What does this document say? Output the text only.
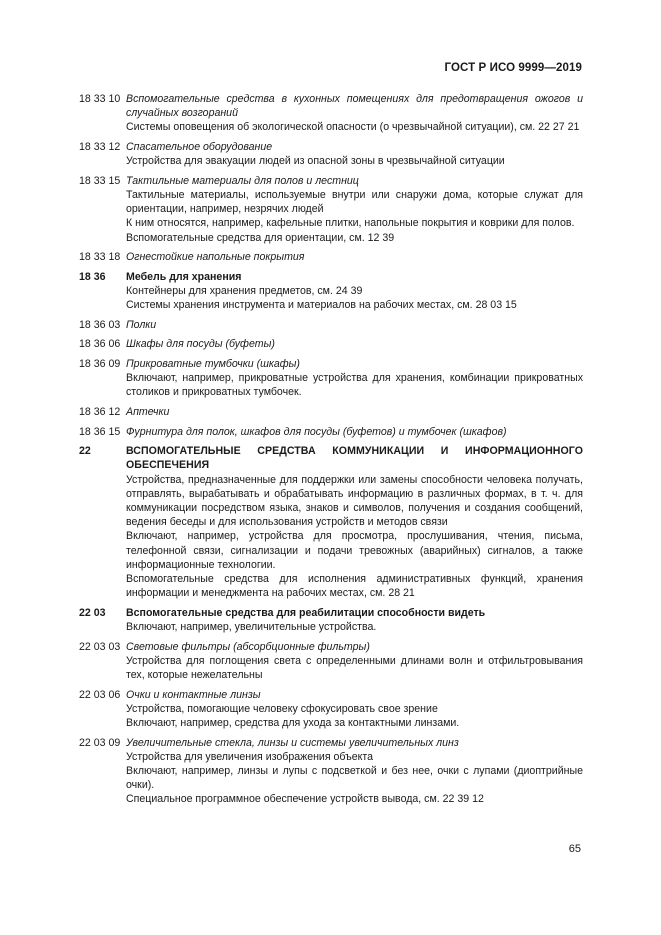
ГОСТ Р ИСО 9999—2019
18 33 10 Вспомогательные средства в кухонных помещениях для предотвращения ожогов и случайных возгораний

Системы оповещения об экологической опасности (о чрезвычайной ситуации), см. 22 27 21

18 33 12 Спасательное оборудование

Устройства для эвакуации людей из опасной зоны в чрезвычайной ситуации

18 33 15 Тактильные материалы для полов и лестниц

Тактильные материалы, используемые внутри или снаружи дома, которые служат для ориентации, например, незрячих людей

К ним относятся, например, кафельные плитки, напольные покрытия и коврики для полов.

Вспомогательные средства для ориентации, см. 12 39

18 33 18 Огнестойкие напольные покрытия
18 36	Мебель для хранения

Контейнеры для хранения предметов, см. 24 39

Системы хранения инструмента и материалов на рабочих местах, см. 28 03 15

18 36 03 Полки
18 36 06 Шкафы для посуды (буфеты)
18 36 09 Прикроватные тумбочки (шкафы)

Включают, например, прикроватные устройства для хранения, комбинации прикроватных столиков и прикроватных тумбочек.

18 36 12 Аптечки
18 36 15 Фурнитура для полок, шкафов для посуды (буфетов) и тумбочек (шкафов)
22	ВСПОМОГАТЕЛЬНЫЕ СРЕДСТВА КОММУНИКАЦИИ И ИНФОРМАЦИОННОГО ОБЕСПЕЧЕНИЯ

Устройства, предназначенные для поддержки или замены способности человека получать, отправлять, вырабатывать и обрабатывать информацию в различных формах, в т. ч. для коммуникации посредством языка, знаков и символов, получения и создания сообщений, ведения беседы и для использования устройств и методов связи

Включают, например, устройства для просмотра, прослушивания, чтения, письма, телефонной связи, сигнализации и подачи тревожных (аварийных) сигналов, а также информационные технологии.

Вспомогательные средства для исполнения административных функций, хранения информации и менеджмента на рабочих местах, см. 28 21

22 03	Вспомогательные средства для реабилитации способности видеть

Включают, например, увеличительные устройства.

22 03 03 Световые фильтры (абсорбционные фильтры)

Устройства для поглощения света с определенными длинами волн и отфильтровывания тех, которые нежелательны

22 03 06 Очки и контактные линзы

Устройства, помогающие человеку сфокусировать свое зрение

Включают, например, средства для ухода за контактными линзами.

22 03 09 Увеличительные стекла, линзы и системы увеличительных линз

Устройства для увеличения изображения объекта

Включают, например, линзы и лупы с подсветкой и без нее, очки с лупами (диоптрийные очки).

Специальное программное обеспечение устройств вывода, см. 22 39 12

65
